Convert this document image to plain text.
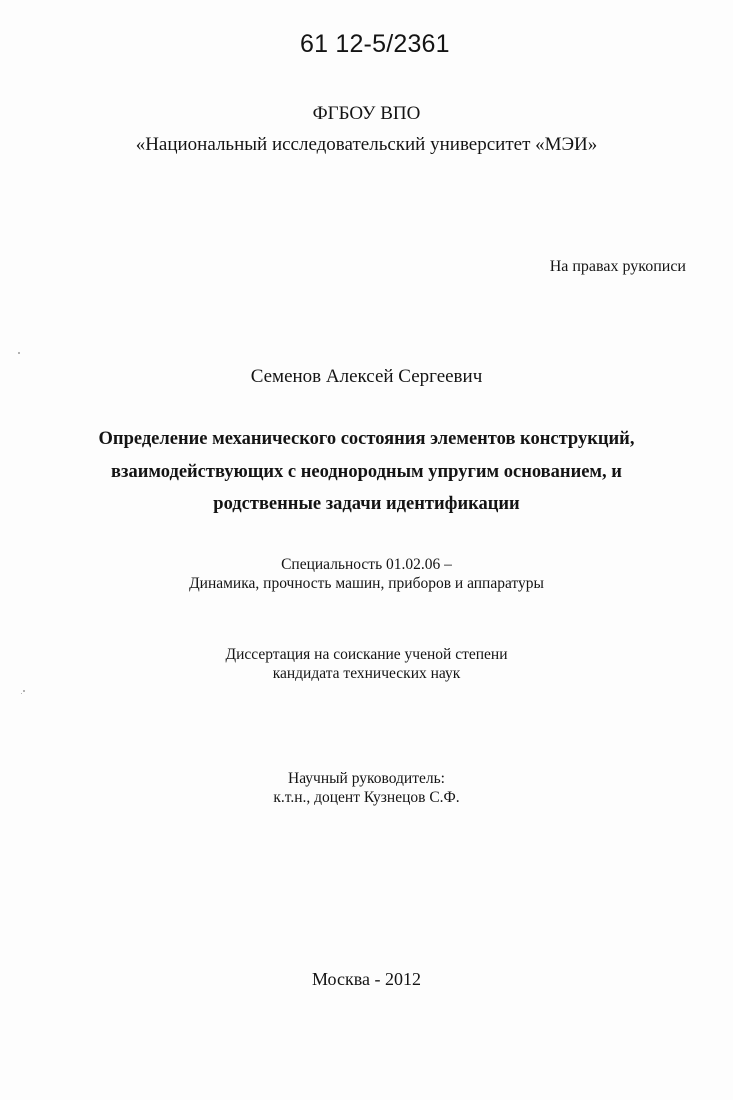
61 12-5/2361
ФГБОУ ВПО
«Национальный исследовательский университет «МЭИ»
На правах рукописи
Семенов Алексей Сергеевич
Определение механического состояния элементов конструкций,
взаимодействующих с неоднородным упругим основанием, и
родственные задачи идентификации
Специальность 01.02.06 –
Динамика, прочность машин, приборов и аппаратуры
Диссертация на соискание ученой степени
кандидата технических наук
Научный руководитель:
к.т.н., доцент Кузнецов С.Ф.
Москва - 2012
